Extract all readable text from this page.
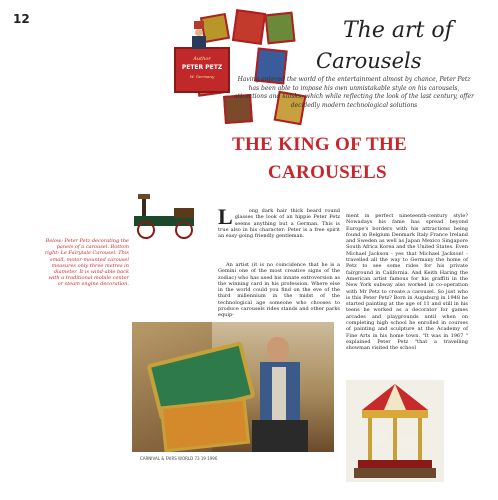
Author
PETER PETZ
W. Germany
12	The art of
Carousels
Having entered the world of the entertainment almost by chance, Peter Petz has been able to impose his own unmistakable style on his carousels, attractions and kiosks, which while reflecting the look of the last century, offer decidedly modern technological solutions
THE KING OF THE
CAROUSELS
Below: Peter Petz decorating the panels of a carousel. Bottom right: Le Fairytale Carousel. This small, motor-mounted carousel measures only three metres in diameter. It is wind-able back with a traditional mobile center or steam engine decoration.
L	ong dark hair thick beard round glasses the look of an hippie Peter Petz seems anything but a German. This is true also in his character: Peter is a free spirit an easy-going friendly gentleman.
An artist (it is no coincidence that he is a Gemini one of the most creative signs of the zodiac) who has used his innate extroversion as the winning card in his profession. Where else in the world could you find on the eve of the third millennium in the midst of the technological age someone who chooses to produce carousels rides stands and other parks equip-
ment in perfect nineteenth-century style? Nowadays his fame has spread beyond Europe's borders with his attractions being found in Belgium Denmark Italy France Ireland and Sweden as well as Japan Mexico Singapore South Africa Korea and the United States. Even Michael Jackson - yes that Michael Jackson! - travelled all the way to Germany the home of Petz to see some rides for his private fairground in California. And Keith Haring the American artist famous for his graffiti in the New York subway also worked in co-operation with Mr Petz to create a carousel. So just who is this Peter Petz? Born in Augsburg in 1948 he started painting at the age of 11 and still in his teens he worked as a decorator for games arcades and playgrounds until when on completing high school he enrolled in courses of painting and sculpture at the Academy of Fine Arts in his home town. "It was in 1967 " explained Peter Petz "that a travelling showman visited the school
CARNIVAL & FAIRS WORLD 73 19 1996
